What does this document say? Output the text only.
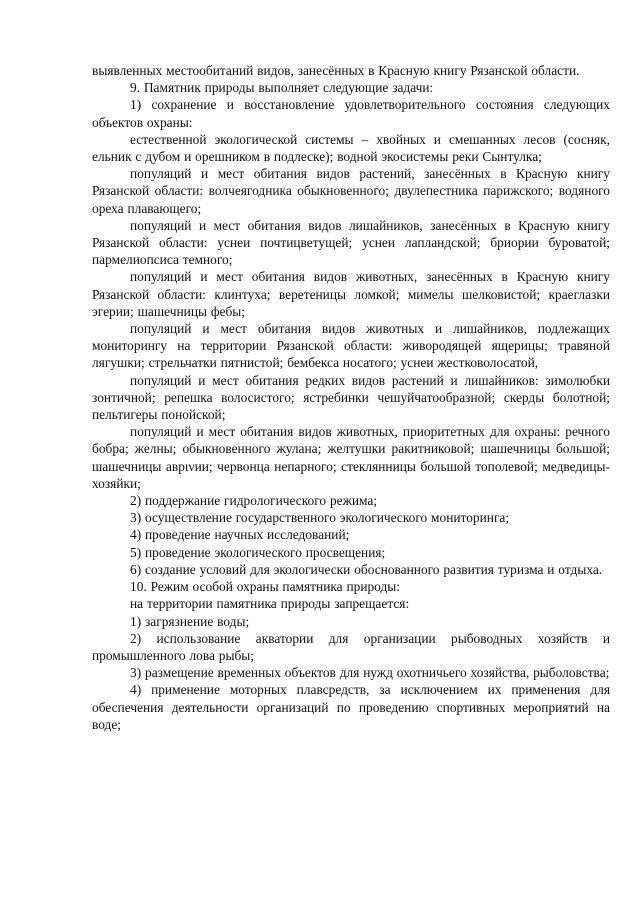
выявленных местообитаний видов, занесённых в Красную книгу Рязанской области.

9. Памятник природы выполняет следующие задачи:

1) сохранение и восстановление удовлетворительного состояния следующих объектов охраны:

естественной экологической системы – хвойных и смешанных лесов (сосняк, ельник с дубом и орешником в подлеске); водной экосистемы реки Сынтулка;

популяций и мест обитания видов растений, занесённых в Красную книгу Рязанской области: волчеягодника обыкновенного; двулепестника парижского; водяного ореха плавающего;

популяций и мест обитания видов лишайников, занесённых в Красную книгу Рязанской области: уснеи почтицветущей; уснеи лапландской; бриории буроватой; пармелиопсиса темного;

популяций и мест обитания видов животных, занесённых в Красную книгу Рязанской области: клинтуха; веретеницы ломкой; мимелы шелковистой; краеглазки эгерии; шашечницы фебы;

популяций и мест обитания видов животных и лишайников, подлежащих мониторингу на территории Рязанской области: живородящей ящерицы; травяной лягушки; стрельчатки пятнистой; бембекса носатого; уснеи жестковолосатой,

популяций и мест обитания редких видов растений и лишайников: зимолюбки зонтичной; репешка волосистого; ястребинки чешуйчатообразной; скерды болотной; пельтигеры понойской;

популяций и мест обитания видов животных, приоритетных для охраны: речного бобра; желны; обыкновенного жулана; желтушки ракитниковой; шашечницы большой; шашечницы аврινии; червонца непарного; стеклянницы большой тополевой; медведицы-хозяйки;

2) поддержание гидрологического режима;

3) осуществление государственного экологического мониторинга;

4) проведение научных исследований;

5) проведение экологического просвещения;

6) создание условий для экологически обоснованного развития туризма и отдыха.

10. Режим особой охраны памятника природы:

на территории памятника природы запрещается:

1) загрязнение воды;

2) использование акватории для организации рыбоводных хозяйств и промышленного лова рыбы;

3) размещение временных объектов для нужд охотничьего хозяйства, рыболовства;

4) применение моторных плавсредств, за исключением их применения для обеспечения деятельности организаций по проведению спортивных мероприятий на воде;
